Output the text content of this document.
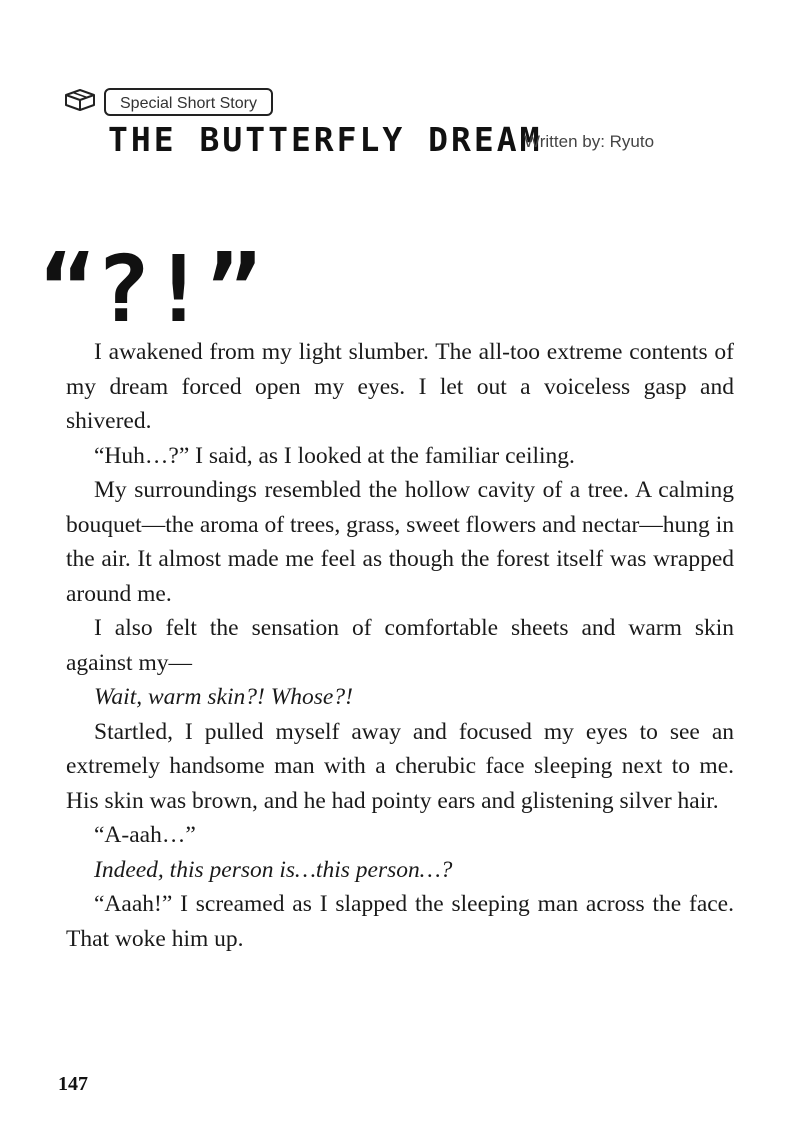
Special Short Story
THE BUTTERFLY DREAM
Written by: Ryuto
“?!”

I awakened from my light slumber. The all-too extreme contents of my dream forced open my eyes. I let out a voiceless gasp and shivered.

“Huh…?” I said, as I looked at the familiar ceiling.

My surroundings resembled the hollow cavity of a tree. A calming bouquet—the aroma of trees, grass, sweet flowers and nectar—hung in the air. It almost made me feel as though the forest itself was wrapped around me.

I also felt the sensation of comfortable sheets and warm skin against my—

Wait, warm skin?! Whose?!

Startled, I pulled myself away and focused my eyes to see an extremely handsome man with a cherubic face sleeping next to me. His skin was brown, and he had pointy ears and glistening silver hair.

“A-aah…”

Indeed, this person is…this person…?

“Aaah!” I screamed as I slapped the sleeping man across the face. That woke him up.

147
